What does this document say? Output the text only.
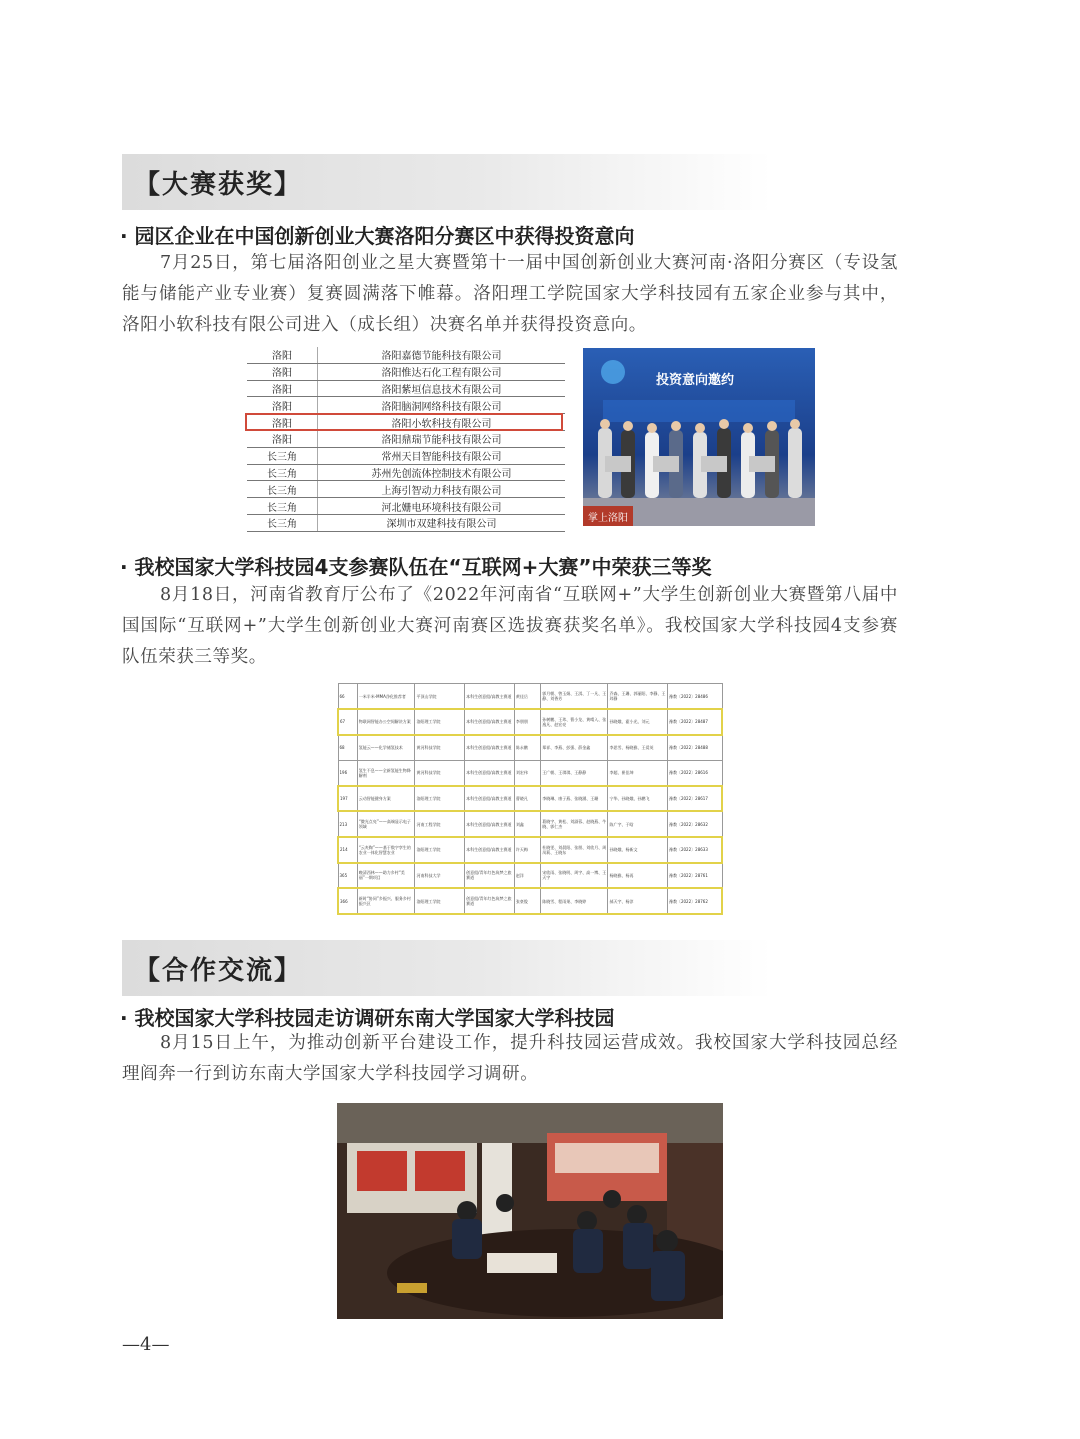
【大赛获奖】
· 园区企业在中国创新创业大赛洛阳分赛区中获得投资意向
7月25日，第七届洛阳创业之星大赛暨第十一届中国创新创业大赛河南·洛阳分赛区（专设氢能与储能产业专业赛）复赛圆满落下帷幕。洛阳理工学院国家大学科技园有五家企业参与其中，洛阳小软科技有限公司进入（成长组）决赛名单并获得投资意向。
洛阳	洛阳嘉德节能科技有限公司
洛阳	洛阳惟达石化工程有限公司
洛阳	洛阳紫垣信息技术有限公司
洛阳	洛阳脑洞网络科技有限公司
洛阳	洛阳小软科技有限公司
洛阳	洛阳鼎瑞节能科技有限公司
长三角	常州天目智能科技有限公司
长三角	苏州先创流体控制技术有限公司
长三角	上海引智动力科技有限公司
长三角	河北姗电环境科技有限公司
长三角	深圳市双建科技有限公司
投资意向邀约
掌上洛阳
· 我校国家大学科技园4支参赛队伍在“互联网+大赛”中荣获三等奖
8月18日，河南省教育厅公布了《2022年河南省“互联网+”大学生创新创业大赛暨第八届中国国际“互联网+”大学生创新创业大赛河南赛区选拔赛获奖名单》。我校国家大学科技园4支参赛队伍荣获三等奖。
66	一米半米-MMA净化推荐者	平顶山学院	本科生创意组/高教主赛道	黄佳岳	郭月朝、曾玉娟、王淇、丁一凡、王静、刘香芳	乔森、王珊、郭丽阳、李静、王玮静	豫教〔2022〕28486
67	物联网智能办公空间解决方案	洛阳理工学院	本科生创意组/高教主赛道	李朋朋	孙树鹏、王玮、曹小龙、黄晴入、张逸凡、赵宏亮	孙晓娥、霍小光、刘元	豫教〔2022〕28487
68	氢能云——化学储氢技术	黄河科技学院	本科生创意组/高教主赛道	陈永鹏	郑祥、李燕、彭强、薛金鑫	李思雪、杨晓雅、王爱英	豫教〔2022〕28488
196	氢生不息——全新氢能生物降解剂	黄河科技学院	本科生创意组/高教主赛道	刘宏伟	王广朝、王琪琪、王静静	李超、崔佳坤	豫教〔2022〕28616
197	云动智能健身方案	洛阳理工学院	本科生创意组/高教主赛道	曹晓凡	李晓琳、康子燕、张晓涵、王珊	宁华、孙晓娥、孙鹏飞	豫教〔2022〕28617
213	“微光点亮”——高端显示电子领域	河南工程学院	本科生创意组/高教主赛道	刘鑫	葛晓宇、黄松、刘淑蓉、赵晓燕、牛晓、郭仁杰	陈广宇、于晗	豫教〔2022〕28632
214	“云麦陶”——基于数字孪生的农业一体化智慧农业	洛阳理工学院	本科生创意组/高教主赛道	许天梅	杜晓雯、刘晨阳、张朋、刘欣月、周凤莉、王晓东	孙晓娥、杨新文	豫教〔2022〕28633
365	晚清西林——助力乡村“美丽”一期项目	河南科技大学	创意组/青年红色筑梦之旅赛道	赵洋	宋欣雨、张晓明、周宇、高一博、王天宇	杨晓雅、杨再	豫教〔2022〕28761
366	新时“协同”乡振兴、服务乡村振兴区	洛阳理工学院	创意组/青年红色筑梦之旅赛道	张豪俊	陈晓雪、程雨果、李晓婷	郝天宇、杨淳	豫教〔2022〕28762
【合作交流】
· 我校国家大学科技园走访调研东南大学国家大学科技园
8月15日上午，为推动创新平台建设工作，提升科技园运营成效。我校国家大学科技园总经理阎奔一行到访东南大学国家大学科技园学习调研。
—4—
